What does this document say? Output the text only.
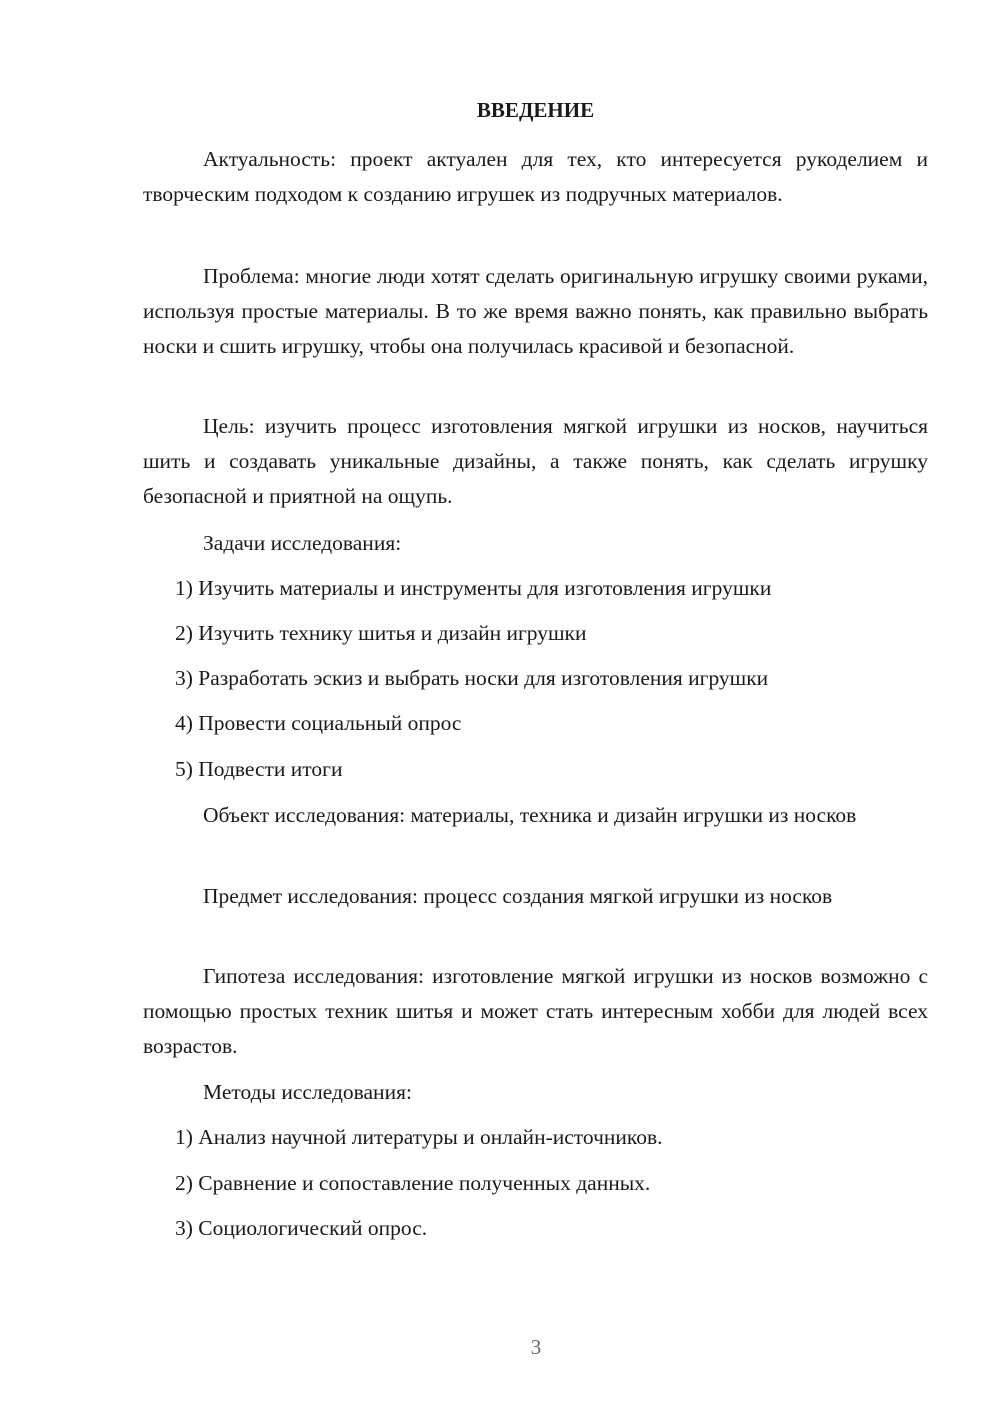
ВВЕДЕНИЕ

Актуальность: проект актуален для тех, кто интересуется рукоделием и творческим подходом к созданию игрушек из подручных материалов.

Проблема: многие люди хотят сделать оригинальную игрушку своими руками, используя простые материалы. В то же время важно понять, как правильно выбрать носки и сшить игрушку, чтобы она получилась красивой и безопасной.

Цель: изучить процесс изготовления мягкой игрушки из носков, научиться шить и создавать уникальные дизайны, а также понять, как сделать игрушку безопасной и приятной на ощупь.

Задачи исследования:

1) Изучить материалы и инструменты для изготовления игрушки

2) Изучить технику шитья и дизайн игрушки

3) Разработать эскиз и выбрать носки для изготовления игрушки

4) Провести социальный опрос

5) Подвести итоги

Объект исследования: материалы, техника и дизайн игрушки из носков

Предмет исследования: процесс создания мягкой игрушки из носков

Гипотеза исследования: изготовление мягкой игрушки из носков возможно с помощью простых техник шитья и может стать интересным хобби для людей всех возрастов.

Методы исследования:

1) Анализ научной литературы и онлайн-источников.

2) Сравнение и сопоставление полученных данных.

3) Социологический опрос.

3
